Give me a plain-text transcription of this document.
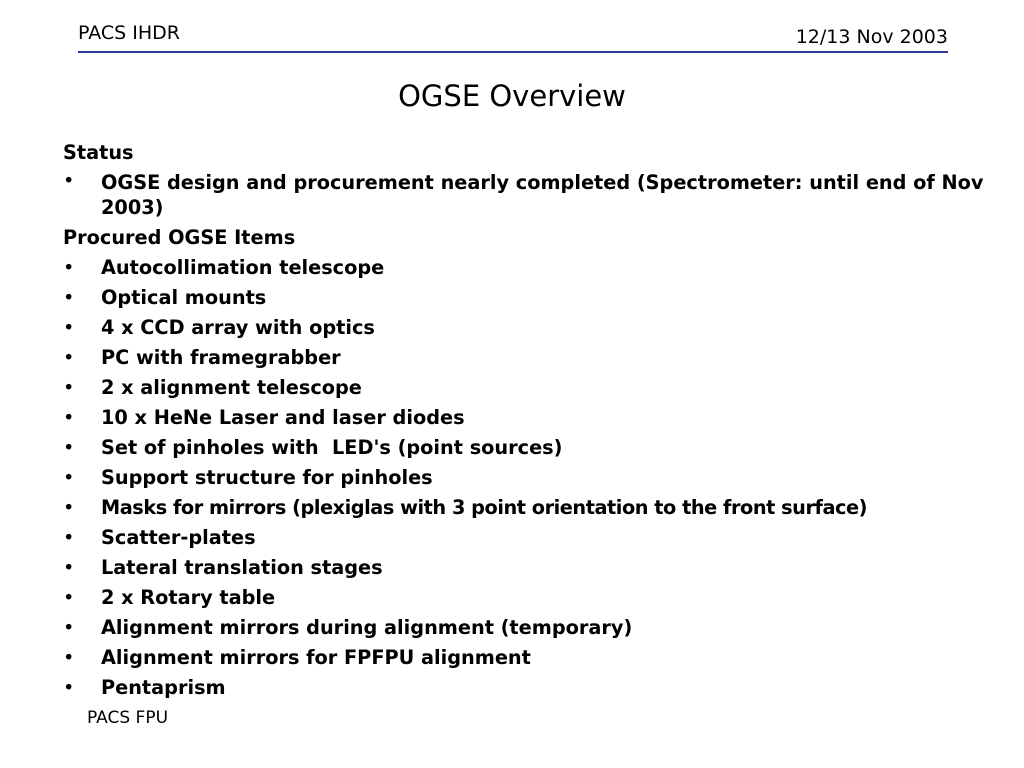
PACS IHDR	12/13 Nov 2003
OGSE Overview
Status
• OGSE design and procurement nearly completed (Spectrometer: until end of Nov 2003)
Procured OGSE Items
• Autocollimation telescope
• Optical mounts
• 4 x CCD array with optics
• PC with framegrabber
• 2 x alignment telescope
• 10 x HeNe Laser and laser diodes
• Set of pinholes with  LED's (point sources)
• Support structure for pinholes
• Masks for mirrors (plexiglas with 3 point orientation to the front surface)
• Scatter-plates
• Lateral translation stages
• 2 x Rotary table
• Alignment mirrors during alignment (temporary)
• Alignment mirrors for FPFPU alignment
• Pentaprism
PACS FPU
